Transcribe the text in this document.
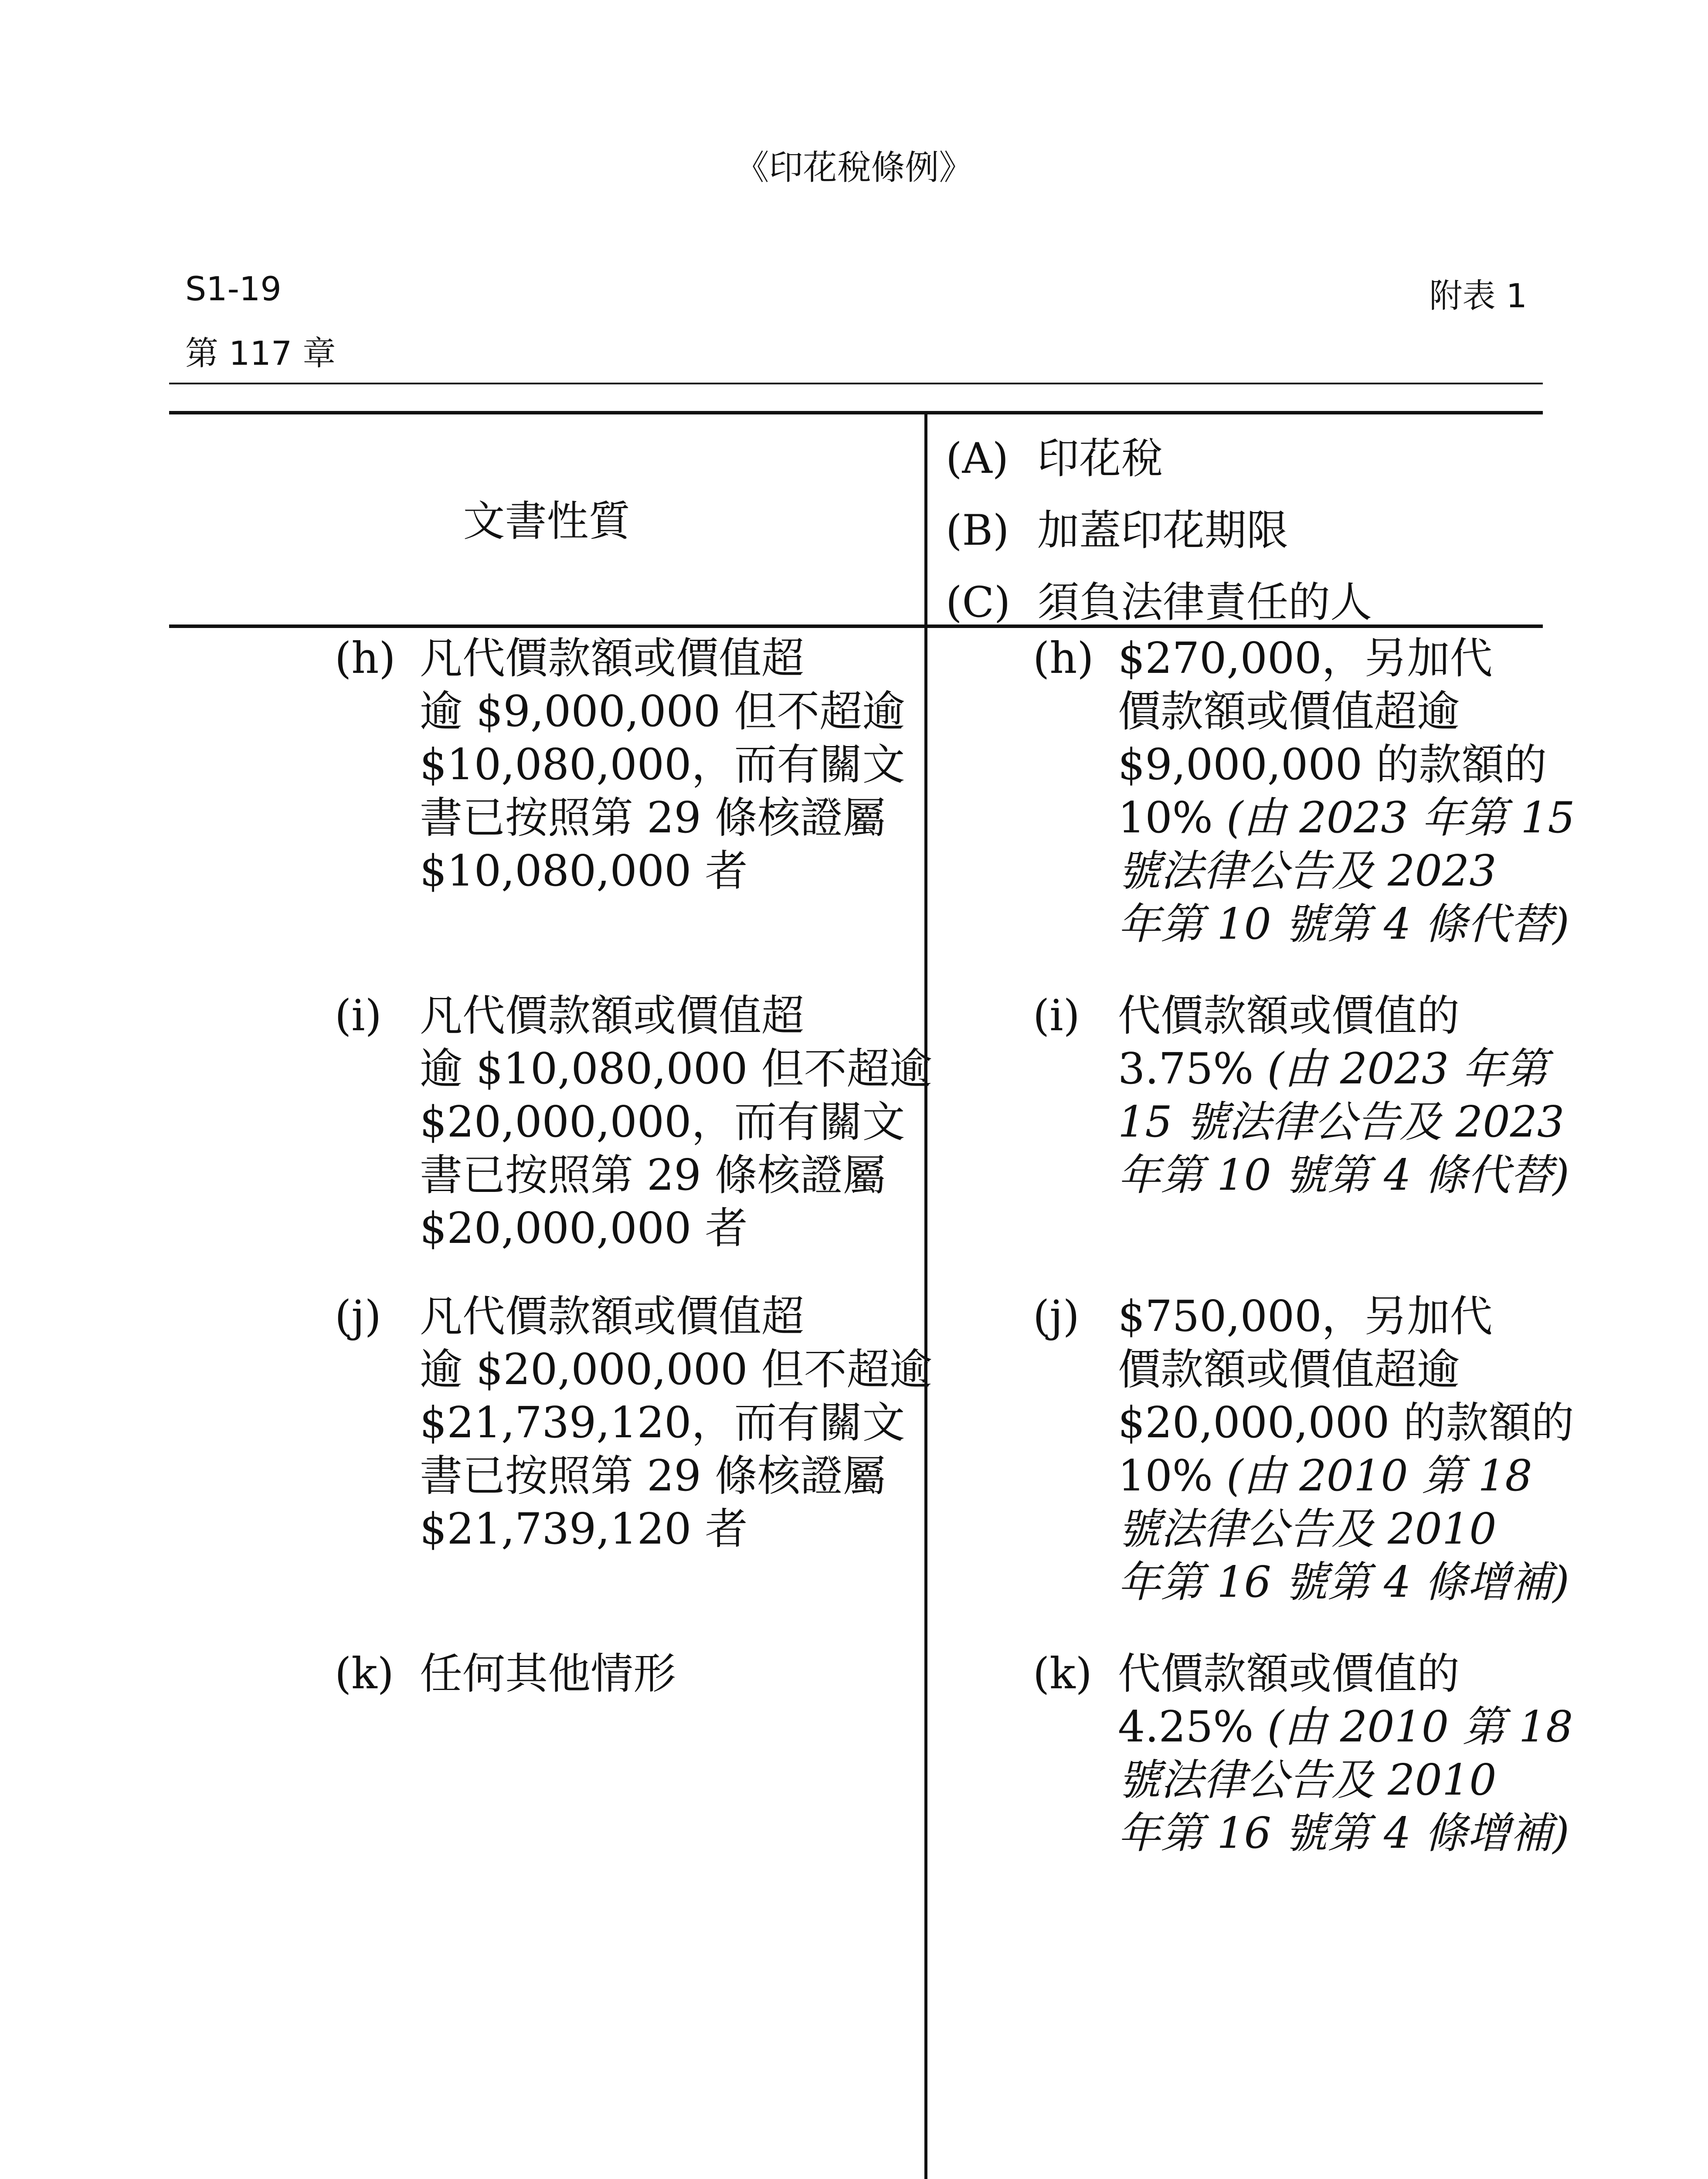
《印花稅條例》
S1-19
第 117 章
附表 1
文書性質
(A) 印花稅
(B) 加蓋印花期限
(C) 須負法律責任的人
(h) 凡代價款額或價值超
逾 $9,000,000 但不超逾
$10,080,000，而有關文
書已按照第 29 條核證屬
$10,080,000 者
(h) $270,000，另加代
價款額或價值超逾
$9,000,000 的款額的
10% (由 2023 年第 15
號法律公告及 2023
年第 10 號第 4 條代替)
(i) 凡代價款額或價值超
逾 $10,080,000 但不超逾
$20,000,000，而有關文
書已按照第 29 條核證屬
$20,000,000 者
(i) 代價款額或價值的
3.75% (由 2023 年第
15 號法律公告及 2023
年第 10 號第 4 條代替)
(j) 凡代價款額或價值超
逾 $20,000,000 但不超逾
$21,739,120，而有關文
書已按照第 29 條核證屬
$21,739,120 者
(j) $750,000，另加代
價款額或價值超逾
$20,000,000 的款額的
10% (由 2010 第 18
號法律公告及 2010
年第 16 號第 4 條增補)
(k) 任何其他情形	(k) 代價款額或價值的
4.25% (由 2010 第 18
號法律公告及 2010
年第 16 號第 4 條增補)
